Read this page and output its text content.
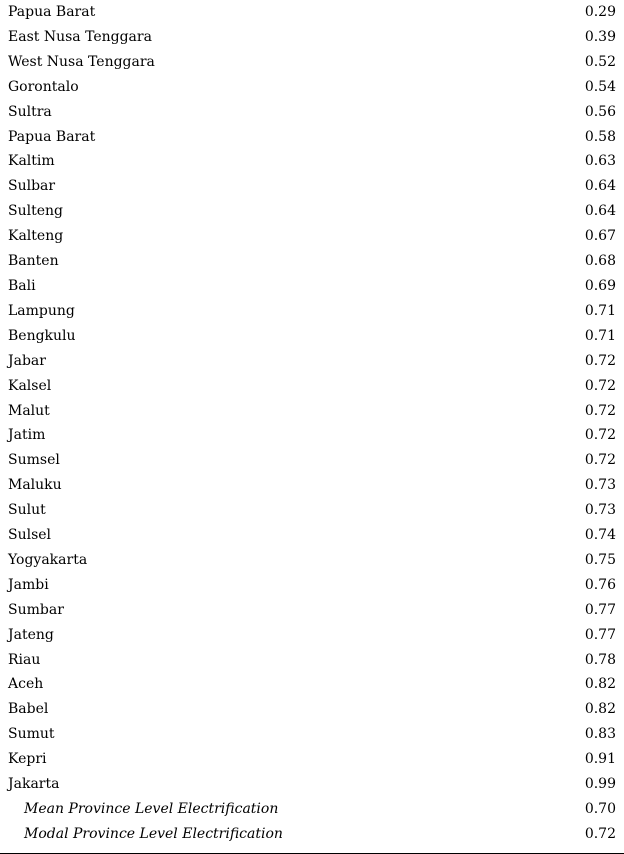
Papua Barat	0.29
East Nusa Tenggara	0.39
West Nusa Tenggara	0.52
Gorontalo	0.54
Sultra	0.56
Papua Barat	0.58
Kaltim	0.63
Sulbar	0.64
Sulteng	0.64
Kalteng	0.67
Banten	0.68
Bali	0.69
Lampung	0.71
Bengkulu	0.71
Jabar	0.72
Kalsel	0.72
Malut	0.72
Jatim	0.72
Sumsel	0.72
Maluku	0.73
Sulut	0.73
Sulsel	0.74
Yogyakarta	0.75
Jambi	0.76
Sumbar	0.77
Jateng	0.77
Riau	0.78
Aceh	0.82
Babel	0.82
Sumut	0.83
Kepri	0.91
Jakarta	0.99
Mean Province Level Electrification	0.70
Modal Province Level Electrification	0.72
